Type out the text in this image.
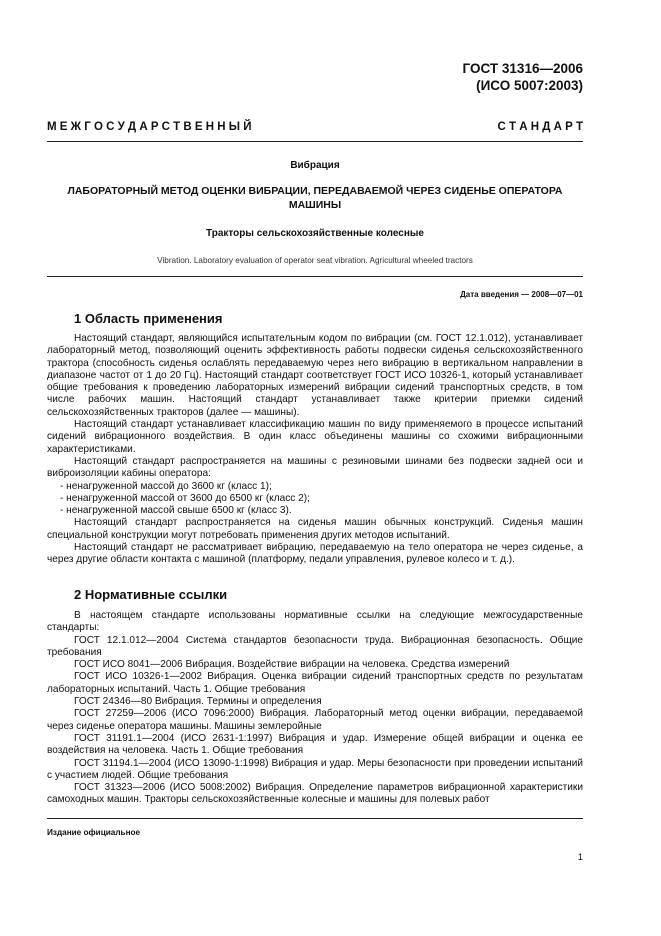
ГОСТ 31316—2006
(ИСО 5007:2003)
М Е Ж Г О С У Д А Р С Т В Е Н Н Ы Й	С Т А Н Д А Р Т
Вибрация
ЛАБОРАТОРНЫЙ МЕТОД ОЦЕНКИ ВИБРАЦИИ, ПЕРЕДАВАЕМОЙ ЧЕРЕЗ СИДЕНЬЕ ОПЕРАТОРА
МАШИНЫ
Тракторы сельскохозяйственные колесные
Vibration. Laboratory evaluation of operator seat vibration. Agricultural wheeled tractors
Дата введения — 2008—07—01
1 Область применения

Настоящий стандарт, являющийся испытательным кодом по вибрации (см. ГОСТ 12.1.012), устанавливает лабораторный метод, позволяющий оценить эффективность работы подвески сиденья сельскохозяйственного трактора (способность сиденья ослаблять передаваемую через него вибрацию в вертикальном направлении в диапазоне частот от 1 до 20 Гц). Настоящий стандарт соответствует ГОСТ ИСО 10326-1, который устанавливает общие требования к проведению лабораторных измерений вибрации сидений транспортных средств, в том числе рабочих машин. Настоящий стандарт устанавливает также критерии приемки сидений сельскохозяйственных тракторов (далее — машины).

Настоящий стандарт устанавливает классификацию машин по виду применяемого в процессе испытаний сидений вибрационного воздействия. В один класс объединены машины со схожими вибрационными характеристиками.

Настоящий стандарт распространяется на машины с резиновыми шинами без подвески задней оси и виброизоляции кабины оператора:

- ненагруженной массой до 3600 кг (класс 1);

- ненагруженной массой от 3600 до 6500 кг (класс 2);

- ненагруженной массой свыше 6500 кг (класс 3).

Настоящий стандарт распространяется на сиденья машин обычных конструкций. Сиденья машин специальной конструкции могут потребовать применения других методов испытаний.

Настоящий стандарт не рассматривает вибрацию, передаваемую на тело оператора не через сиденье, а через другие области контакта с машиной (платформу, педали управления, рулевое колесо и т. д.).

2 Нормативные ссылки

В настоящем стандарте использованы нормативные ссылки на следующие межгосударственные стандарты:

ГОСТ 12.1.012—2004 Система стандартов безопасности труда. Вибрационная безопасность. Общие требования

ГОСТ ИСО 8041—2006 Вибрация. Воздействие вибрации на человека. Средства измерений

ГОСТ ИСО 10326-1—2002 Вибрация. Оценка вибрации сидений транспортных средств по результатам лабораторных испытаний. Часть 1. Общие требования

ГОСТ 24346—80 Вибрация. Термины и определения

ГОСТ 27259—2006 (ИСО 7096:2000) Вибрация. Лабораторный метод оценки вибрации, передаваемой через сиденье оператора машины. Машины землеройные

ГОСТ 31191.1—2004 (ИСО 2631-1:1997) Вибрация и удар. Измерение общей вибрации и оценка ее воздействия на человека. Часть 1. Общие требования

ГОСТ 31194.1—2004 (ИСО 13090-1:1998) Вибрация и удар. Меры безопасности при проведении испытаний с участием людей. Общие требования

ГОСТ 31323—2006 (ИСО 5008:2002) Вибрация. Определение параметров вибрационной характеристики самоходных машин. Тракторы сельскохозяйственные колесные и машины для полевых работ

Издание официальное
1
